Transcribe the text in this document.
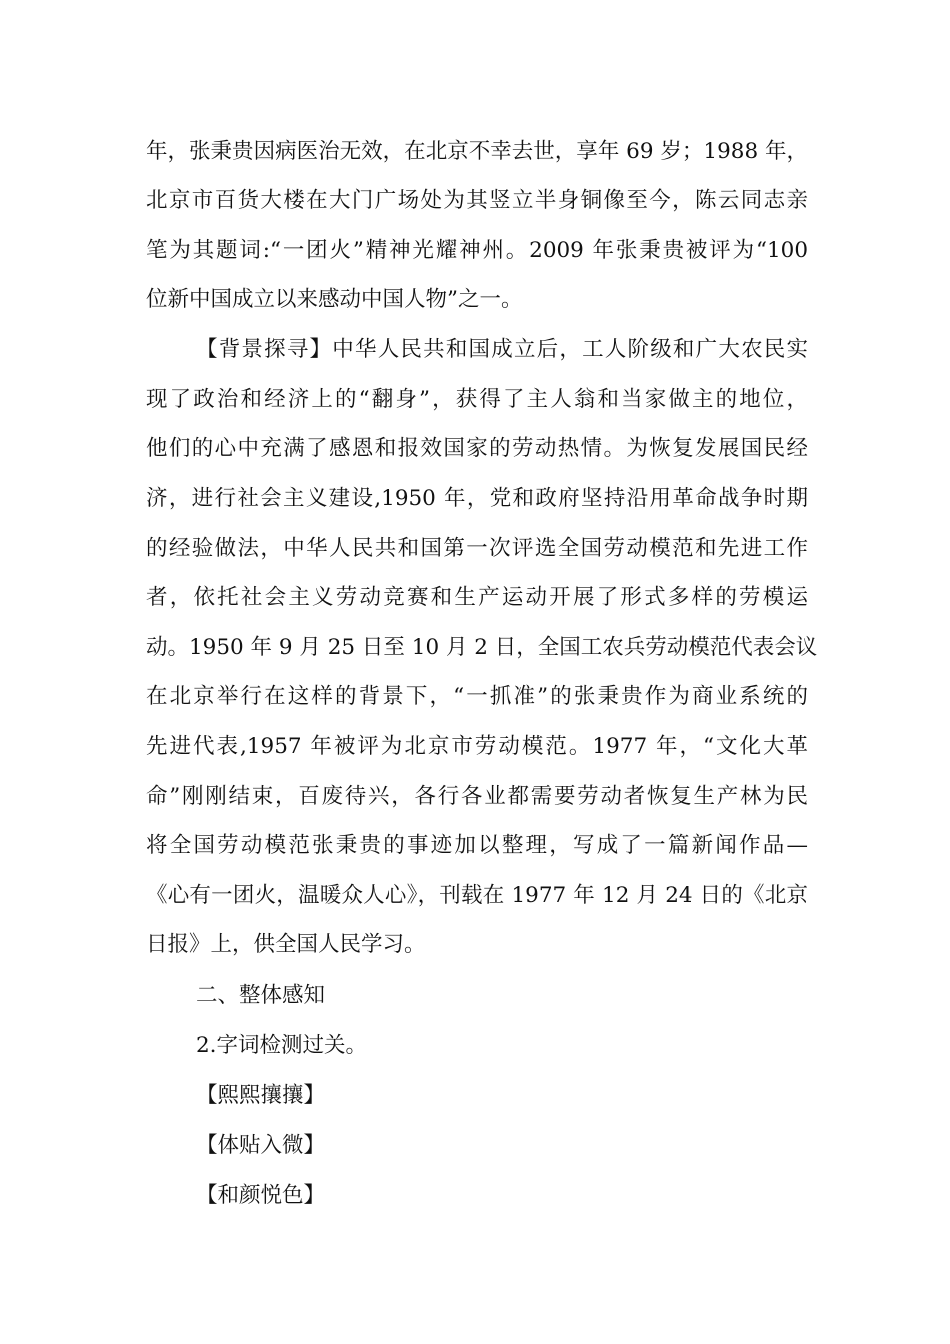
年，张秉贵因病医治无效，在北京不幸去世，享年 69 岁；1988 年，
北京市百货大楼在大门广场处为其竖立半身铜像至今，陈云同志亲
笔为其题词:“一团火”精神光耀神州。2009 年张秉贵被评为“100
位新中国成立以来感动中国人物”之一。
【背景探寻】中华人民共和国成立后，工人阶级和广大农民实
现了政治和经济上的“翻身”，获得了主人翁和当家做主的地位，
他们的心中充满了感恩和报效国家的劳动热情。为恢复发展国民经
济，进行社会主义建设,1950 年，党和政府坚持沿用革命战争时期
的经验做法，中华人民共和国第一次评选全国劳动模范和先进工作
者，依托社会主义劳动竞赛和生产运动开展了形式多样的劳模运
动。1950 年 9 月 25 日至 10 月 2 日，全国工农兵劳动模范代表会议
在北京举行在这样的背景下，“一抓准”的张秉贵作为商业系统的
先进代表,1957 年被评为北京市劳动模范。1977 年，“文化大革
命”刚刚结束，百废待兴，各行各业都需要劳动者恢复生产林为民
将全国劳动模范张秉贵的事迹加以整理，写成了一篇新闻作品—
《心有一团火，温暖众人心》，刊载在 1977 年 12 月 24 日的《北京
日报》上，供全国人民学习。
二、整体感知
2.字词检测过关。
【熙熙攘攘】
【体贴入微】
【和颜悦色】
